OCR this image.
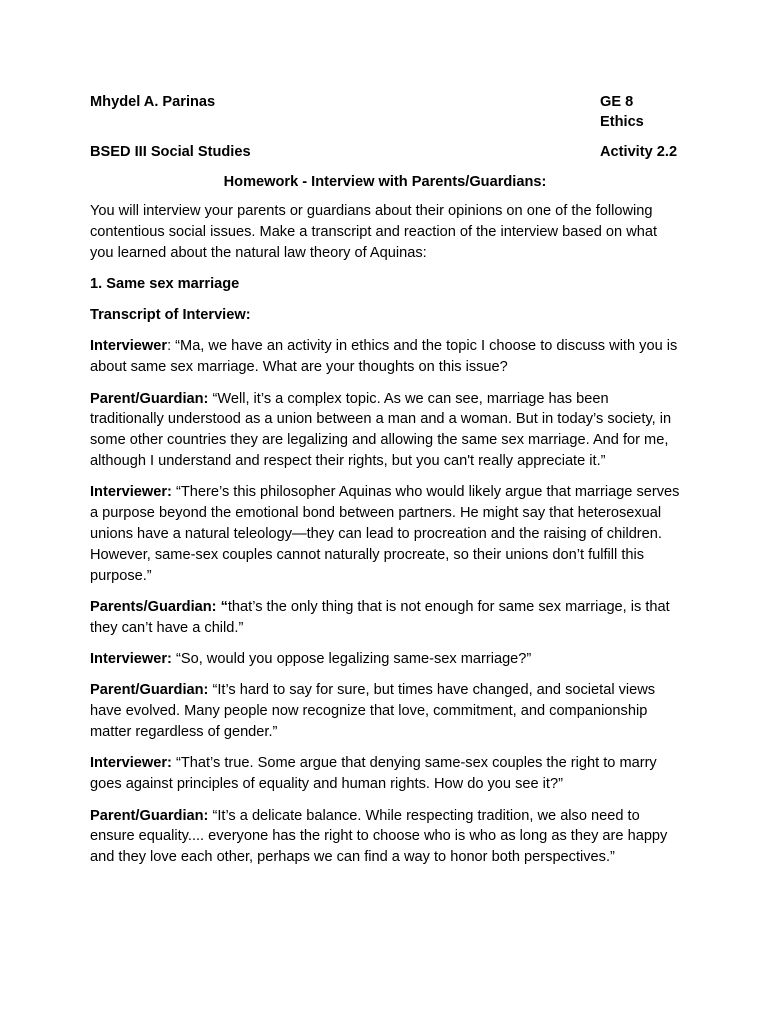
Mhydel A. Parinas	GE 8 Ethics
BSED III Social Studies	Activity 2.2
Homework - Interview with Parents/Guardians:

You will interview your parents or guardians about their opinions on one of the following contentious social issues. Make a transcript and reaction of the interview based on what you learned about the natural law theory of Aquinas:

1. Same sex marriage
Transcript of Interview:

Interviewer: “Ma, we have an activity in ethics and the topic I choose to discuss with you is about same sex marriage. What are your thoughts on this issue?

Parent/Guardian: “Well, it’s a complex topic. As we can see, marriage has been traditionally understood as a union between a man and a woman. But in today’s society, in some other countries they are legalizing and allowing the same sex marriage. And for me, although I understand and respect their rights, but you can't really appreciate it.”

Interviewer: “There’s this philosopher Aquinas who would likely argue that marriage serves a purpose beyond the emotional bond between partners. He might say that heterosexual unions have a natural teleology—they can lead to procreation and the raising of children. However, same-sex couples cannot naturally procreate, so their unions don’t fulfill this purpose.”

Parents/Guardian: “that’s the only thing that is not enough for same sex marriage, is that they can’t have a child.”

Interviewer: “So, would you oppose legalizing same-sex marriage?”

Parent/Guardian: “It’s hard to say for sure, but times have changed, and societal views have evolved. Many people now recognize that love, commitment, and companionship matter regardless of gender.”

Interviewer: “That’s true. Some argue that denying same-sex couples the right to marry goes against principles of equality and human rights. How do you see it?”

Parent/Guardian: “It’s a delicate balance. While respecting tradition, we also need to ensure equality.... everyone has the right to choose who is who as long as they are happy and they love each other, perhaps we can find a way to honor both perspectives.”
